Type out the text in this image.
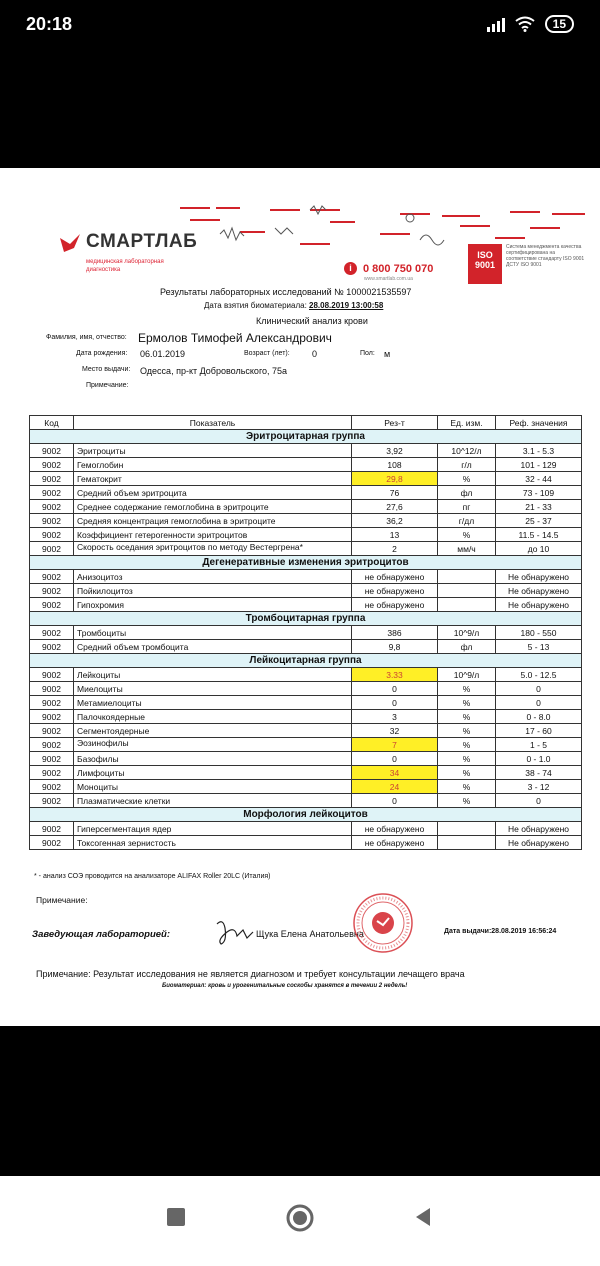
20:18	15
СМАРТЛАБ
медицинская лабораторная диагностика	i	0 800 750 070
www.smartlab.com.ua
ISO
9001
Система менеджмента качества сертифицирована на соответствие стандарту ISO 9001 ДСТУ ISO 9001
Результаты лабораторных исследований № 1000021535597
Дата взятия биоматериала: 28.08.2019 13:00:58
Клинический анализ крови
Фамилия, имя, отчество: Ермолов Тимофей Александрович
Дата рождения: 06.01.2019	Возраст (лет): 0	Пол: м
Место выдачи: Одесса, пр-кт Добровольского, 75а
Примечание:
Код	Показатель	Рез-т	Ед. изм.	Реф. значения
Эритроцитарная группа				
9002	Эритроциты	3,92	10^12/л	3.1 - 5.3
9002	Гемоглобин	108	г/л	101 - 129
9002	Гематокрит	29,8	%	32 - 44
9002	Средний объем эритроцита	76	фл	73 - 109
9002	Среднее содержание гемоглобина в эритроците	27,6	пг	21 - 33
9002	Средняя концентрация гемоглобина в эритроците	36,2	г/дл	25 - 37
9002	Коэффициент гетерогенности эритроцитов	13	%	11.5 - 14.5
9002	Скорость оседания эритроцитов по методу Вестергрена*	2	мм/ч	до 10
Дегенеративные изменения эритроцитов				
9002	Анизоцитоз	не обнаружено		Не обнаружено
9002	Пойкилоцитоз	не обнаружено		Не обнаружено
9002	Гипохромия	не обнаружено		Не обнаружено
Тромбоцитарная группа				
9002	Тромбоциты	386	10^9/л	180 - 550
9002	Средний объем тромбоцита	9,8	фл	5 - 13
Лейкоцитарная группа				
9002	Лейкоциты	3.33	10^9/л	5.0 - 12.5
9002	Миелоциты	0	%	0
9002	Метамиелоциты	0	%	0
9002	Палочкоядерные	3	%	0 - 8.0
9002	Сегментоядерные	32	%	17 - 60
9002	Эозинофилы	7	%	1 - 5
9002	Базофилы	0	%	0 - 1.0
9002	Лимфоциты	34	%	38 - 74
9002	Моноциты	24	%	3 - 12
9002	Плазматические клетки	0	%	0
Морфология лейкоцитов				
9002	Гиперсегментация ядер	не обнаружено		Не обнаружено
9002	Токсогенная зернистость	не обнаружено		Не обнаружено
* - анализ СОЭ проводится на анализаторе ALIFAX Roller 20LC (Италия)
Примечание:
Заведующая лабораторией:	Щука Елена Анатольевна	Дата выдачи:28.08.2019 16:56:24
Примечание: Результат исследования не является диагнозом и требует консультации лечащего врача
Биоматериал: кровь и урогенитальные соскобы хранятся в течении 2 недель!
